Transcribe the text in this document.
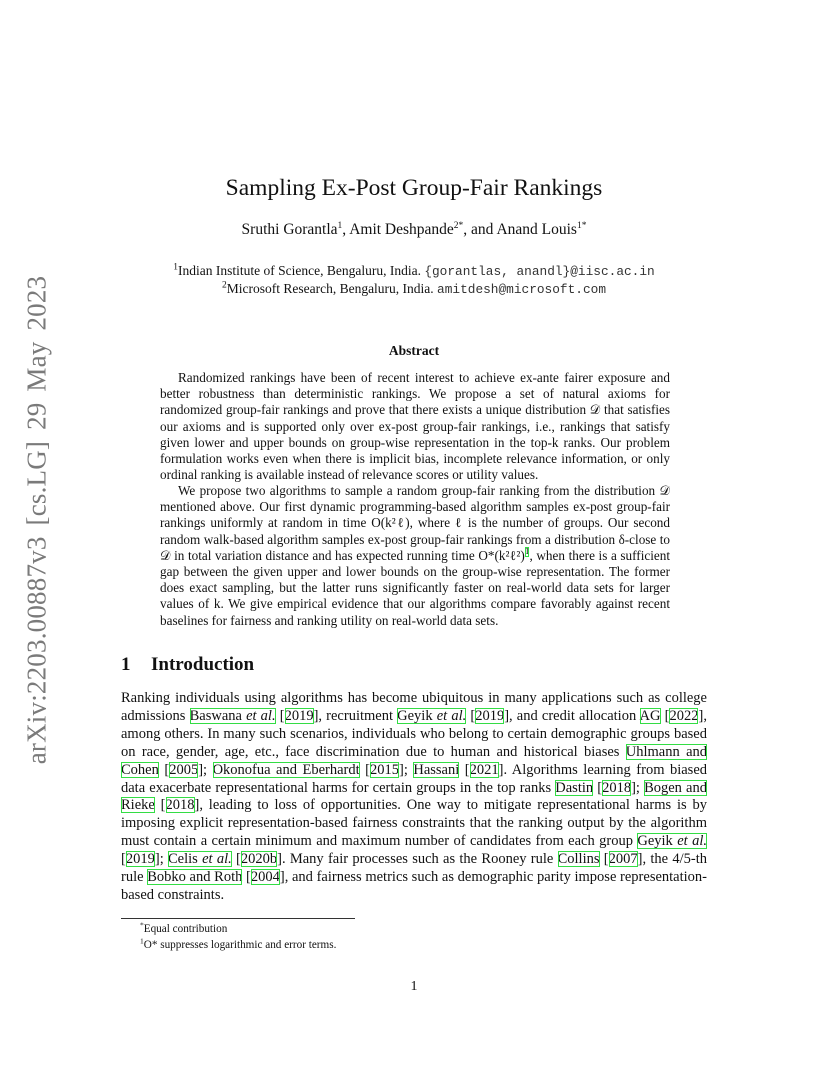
arXiv:2203.00887v3 [cs.LG] 29 May 2023
Sampling Ex-Post Group-Fair Rankings
Sruthi Gorantla$^1$, Amit Deshpande$^{2*}$, and Anand Louis$^{1*}$
$^1$Indian Institute of Science, Bengaluru, India. {gorantlas, anandl}@iisc.ac.in
$^2$Microsoft Research, Bengaluru, India. amitdesh@microsoft.com
Abstract

Randomized rankings have been of recent interest to achieve ex-ante fairer exposure and better robustness than deterministic rankings. We propose a set of natural axioms for randomized group-fair rankings and prove that there exists a unique distribution 𝒟 that satisfies our axioms and is supported only over ex-post group-fair rankings, i.e., rankings that satisfy given lower and upper bounds on group-wise representation in the top-k ranks. Our problem formulation works even when there is implicit bias, incomplete relevance information, or only ordinal ranking is available instead of relevance scores or utility values.

We propose two algorithms to sample a random group-fair ranking from the distribution 𝒟 mentioned above. Our first dynamic programming-based algorithm samples ex-post group-fair rankings uniformly at random in time O(k²ℓ), where ℓ is the number of groups. Our second random walk-based algorithm samples ex-post group-fair rankings from a distribution δ-close to 𝒟 in total variation distance and has expected running time O*(k²ℓ²)$^1$, when there is a sufficient gap between the given upper and lower bounds on the group-wise representation. The former does exact sampling, but the latter runs significantly faster on real-world data sets for larger values of k. We give empirical evidence that our algorithms compare favorably against recent baselines for fairness and ranking utility on real-world data sets.

1 Introduction

Ranking individuals using algorithms has become ubiquitous in many applications such as college admissions Baswana et al. [2019], recruitment Geyik et al. [2019], and credit allocation AG [2022], among others. In many such scenarios, individuals who belong to certain demographic groups based on race, gender, age, etc., face discrimination due to human and historical biases Uhlmann and Cohen [2005]; Okonofua and Eberhardt [2015]; Hassani [2021]. Algorithms learning from biased data exacerbate representational harms for certain groups in the top ranks Dastin [2018]; Bogen and Rieke [2018], leading to loss of opportunities. One way to mitigate representational harms is by imposing explicit representation-based fairness constraints that the ranking output by the algorithm must contain a certain minimum and maximum number of candidates from each group Geyik et al. [2019]; Celis et al. [2020b]. Many fair processes such as the Rooney rule Collins [2007], the 4/5-th rule Bobko and Roth [2004], and fairness metrics such as demographic parity impose representation-based constraints.

*Equal contribution
$^1$O* suppresses logarithmic and error terms.
1
